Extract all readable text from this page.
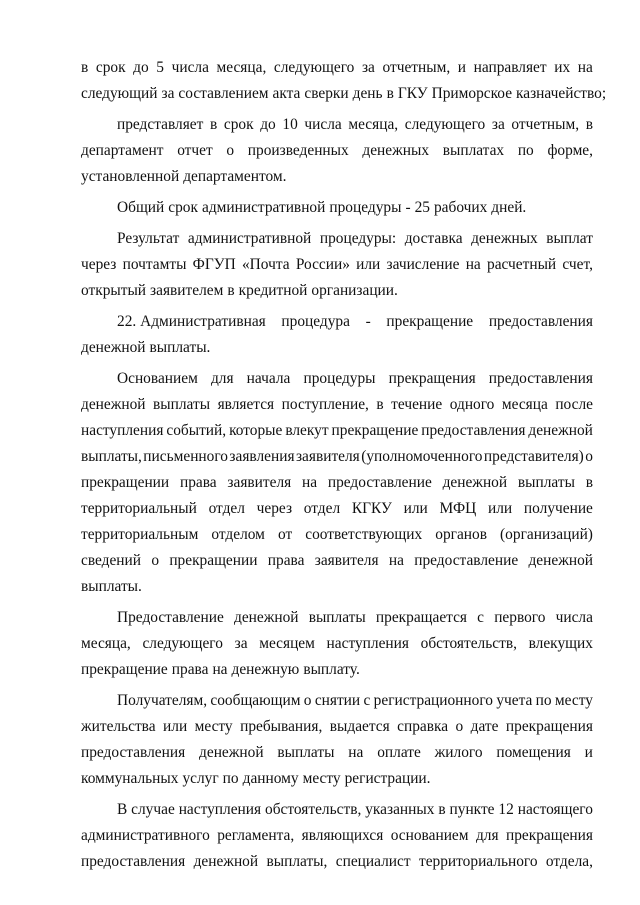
в срок до 5 числа месяца, следующего за отчетным, и направляет их на
следующий за составлением акта сверки день в ГКУ Приморское казначейство;
представляет в срок до 10 числа месяца, следующего за отчетным, в
департамент отчет о произведенных денежных выплатах по форме,
установленной департаментом.
Общий срок административной процедуры - 25 рабочих дней.
Результат административной процедуры: доставка денежных выплат
через почтамты ФГУП «Почта России» или зачисление на расчетный счет,
открытый заявителем в кредитной организации.
22. Административная процедура - прекращение предоставления
денежной выплаты.
Основанием для начала процедуры прекращения предоставления
денежной выплаты является поступление, в течение одного месяца после
наступления событий, которые влекут прекращение предоставления денежной
выплаты, письменного заявления заявителя (уполномоченного представителя) о
прекращении права заявителя на предоставление денежной выплаты в
территориальный отдел через отдел КГКУ или МФЦ или получение
территориальным отделом от соответствующих органов (организаций)
сведений о прекращении права заявителя на предоставление денежной
выплаты.
Предоставление денежной выплаты прекращается с первого числа
месяца, следующего за месяцем наступления обстоятельств, влекущих
прекращение права на денежную выплату.
Получателям, сообщающим о снятии с регистрационного учета по месту
жительства или месту пребывания, выдается справка о дате прекращения
предоставления денежной выплаты на оплате жилого помещения и
коммунальных услуг по данному месту регистрации.
В случае наступления обстоятельств, указанных в пункте 12 настоящего
административного регламента, являющихся основанием для прекращения
предоставления денежной выплаты, специалист территориального отдела,
